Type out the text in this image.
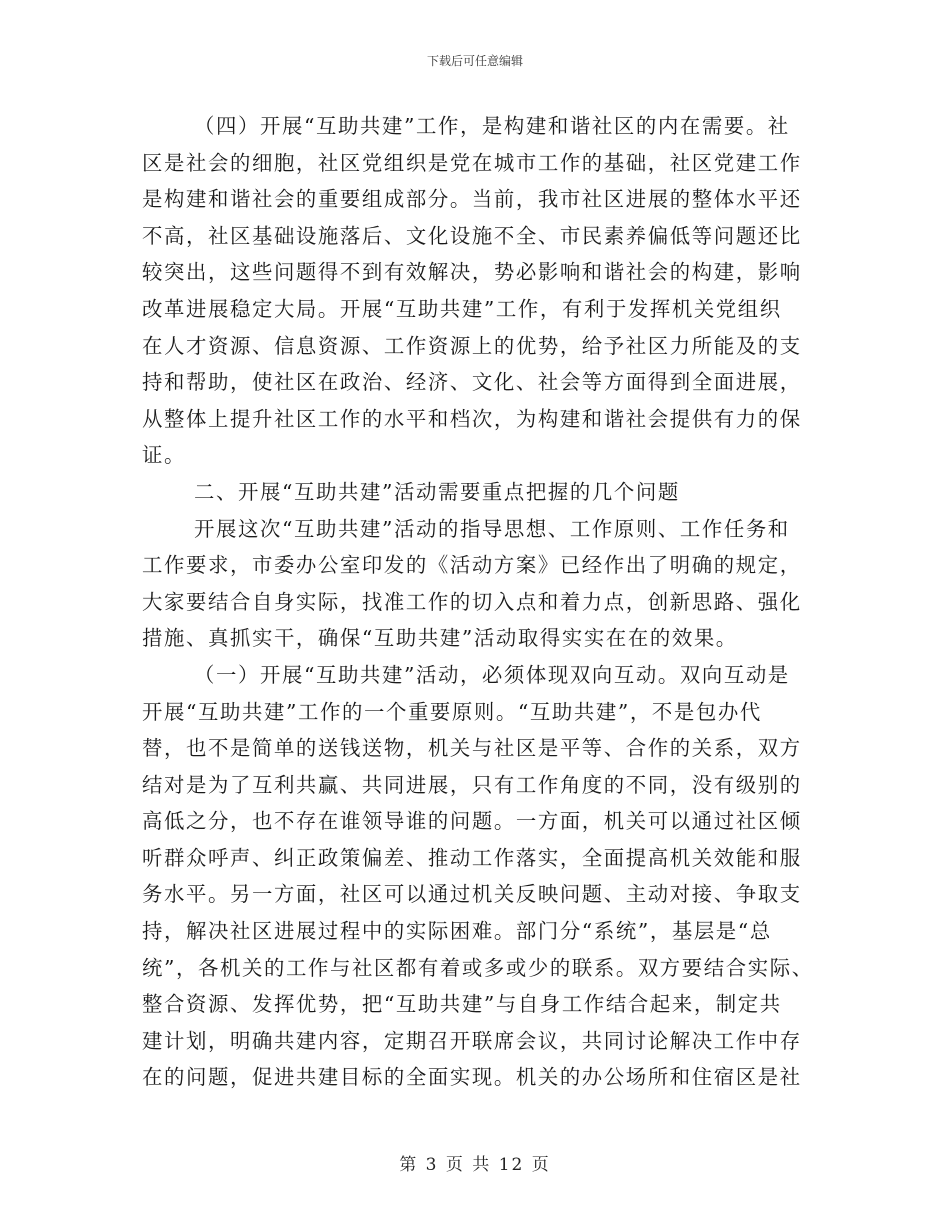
下载后可任意编辑
（四）开展“互助共建”工作，是构建和谐社区的内在需要。社
区是社会的细胞，社区党组织是党在城市工作的基础，社区党建工作
是构建和谐社会的重要组成部分。当前，我市社区进展的整体水平还
不高，社区基础设施落后、文化设施不全、市民素养偏低等问题还比
较突出，这些问题得不到有效解决，势必影响和谐社会的构建，影响
改革进展稳定大局。开展“互助共建”工作，有利于发挥机关党组织
在人才资源、信息资源、工作资源上的优势，给予社区力所能及的支
持和帮助，使社区在政治、经济、文化、社会等方面得到全面进展，
从整体上提升社区工作的水平和档次，为构建和谐社会提供有力的保
证。
二、开展“互助共建”活动需要重点把握的几个问题
开展这次“互助共建”活动的指导思想、工作原则、工作任务和
工作要求，市委办公室印发的《活动方案》已经作出了明确的规定，
大家要结合自身实际，找准工作的切入点和着力点，创新思路、强化
措施、真抓实干，确保“互助共建”活动取得实实在在的效果。
（一）开展“互助共建”活动，必须体现双向互动。双向互动是
开展“互助共建”工作的一个重要原则。“互助共建”，不是包办代
替，也不是简单的送钱送物，机关与社区是平等、合作的关系，双方
结对是为了互利共赢、共同进展，只有工作角度的不同，没有级别的
高低之分，也不存在谁领导谁的问题。一方面，机关可以通过社区倾
听群众呼声、纠正政策偏差、推动工作落实，全面提高机关效能和服
务水平。另一方面，社区可以通过机关反映问题、主动对接、争取支
持，解决社区进展过程中的实际困难。部门分“系统”，基层是“总
统”，各机关的工作与社区都有着或多或少的联系。双方要结合实际、
整合资源、发挥优势，把“互助共建”与自身工作结合起来，制定共
建计划，明确共建内容，定期召开联席会议，共同讨论解决工作中存
在的问题，促进共建目标的全面实现。机关的办公场所和住宿区是社
第 3 页 共 12 页
